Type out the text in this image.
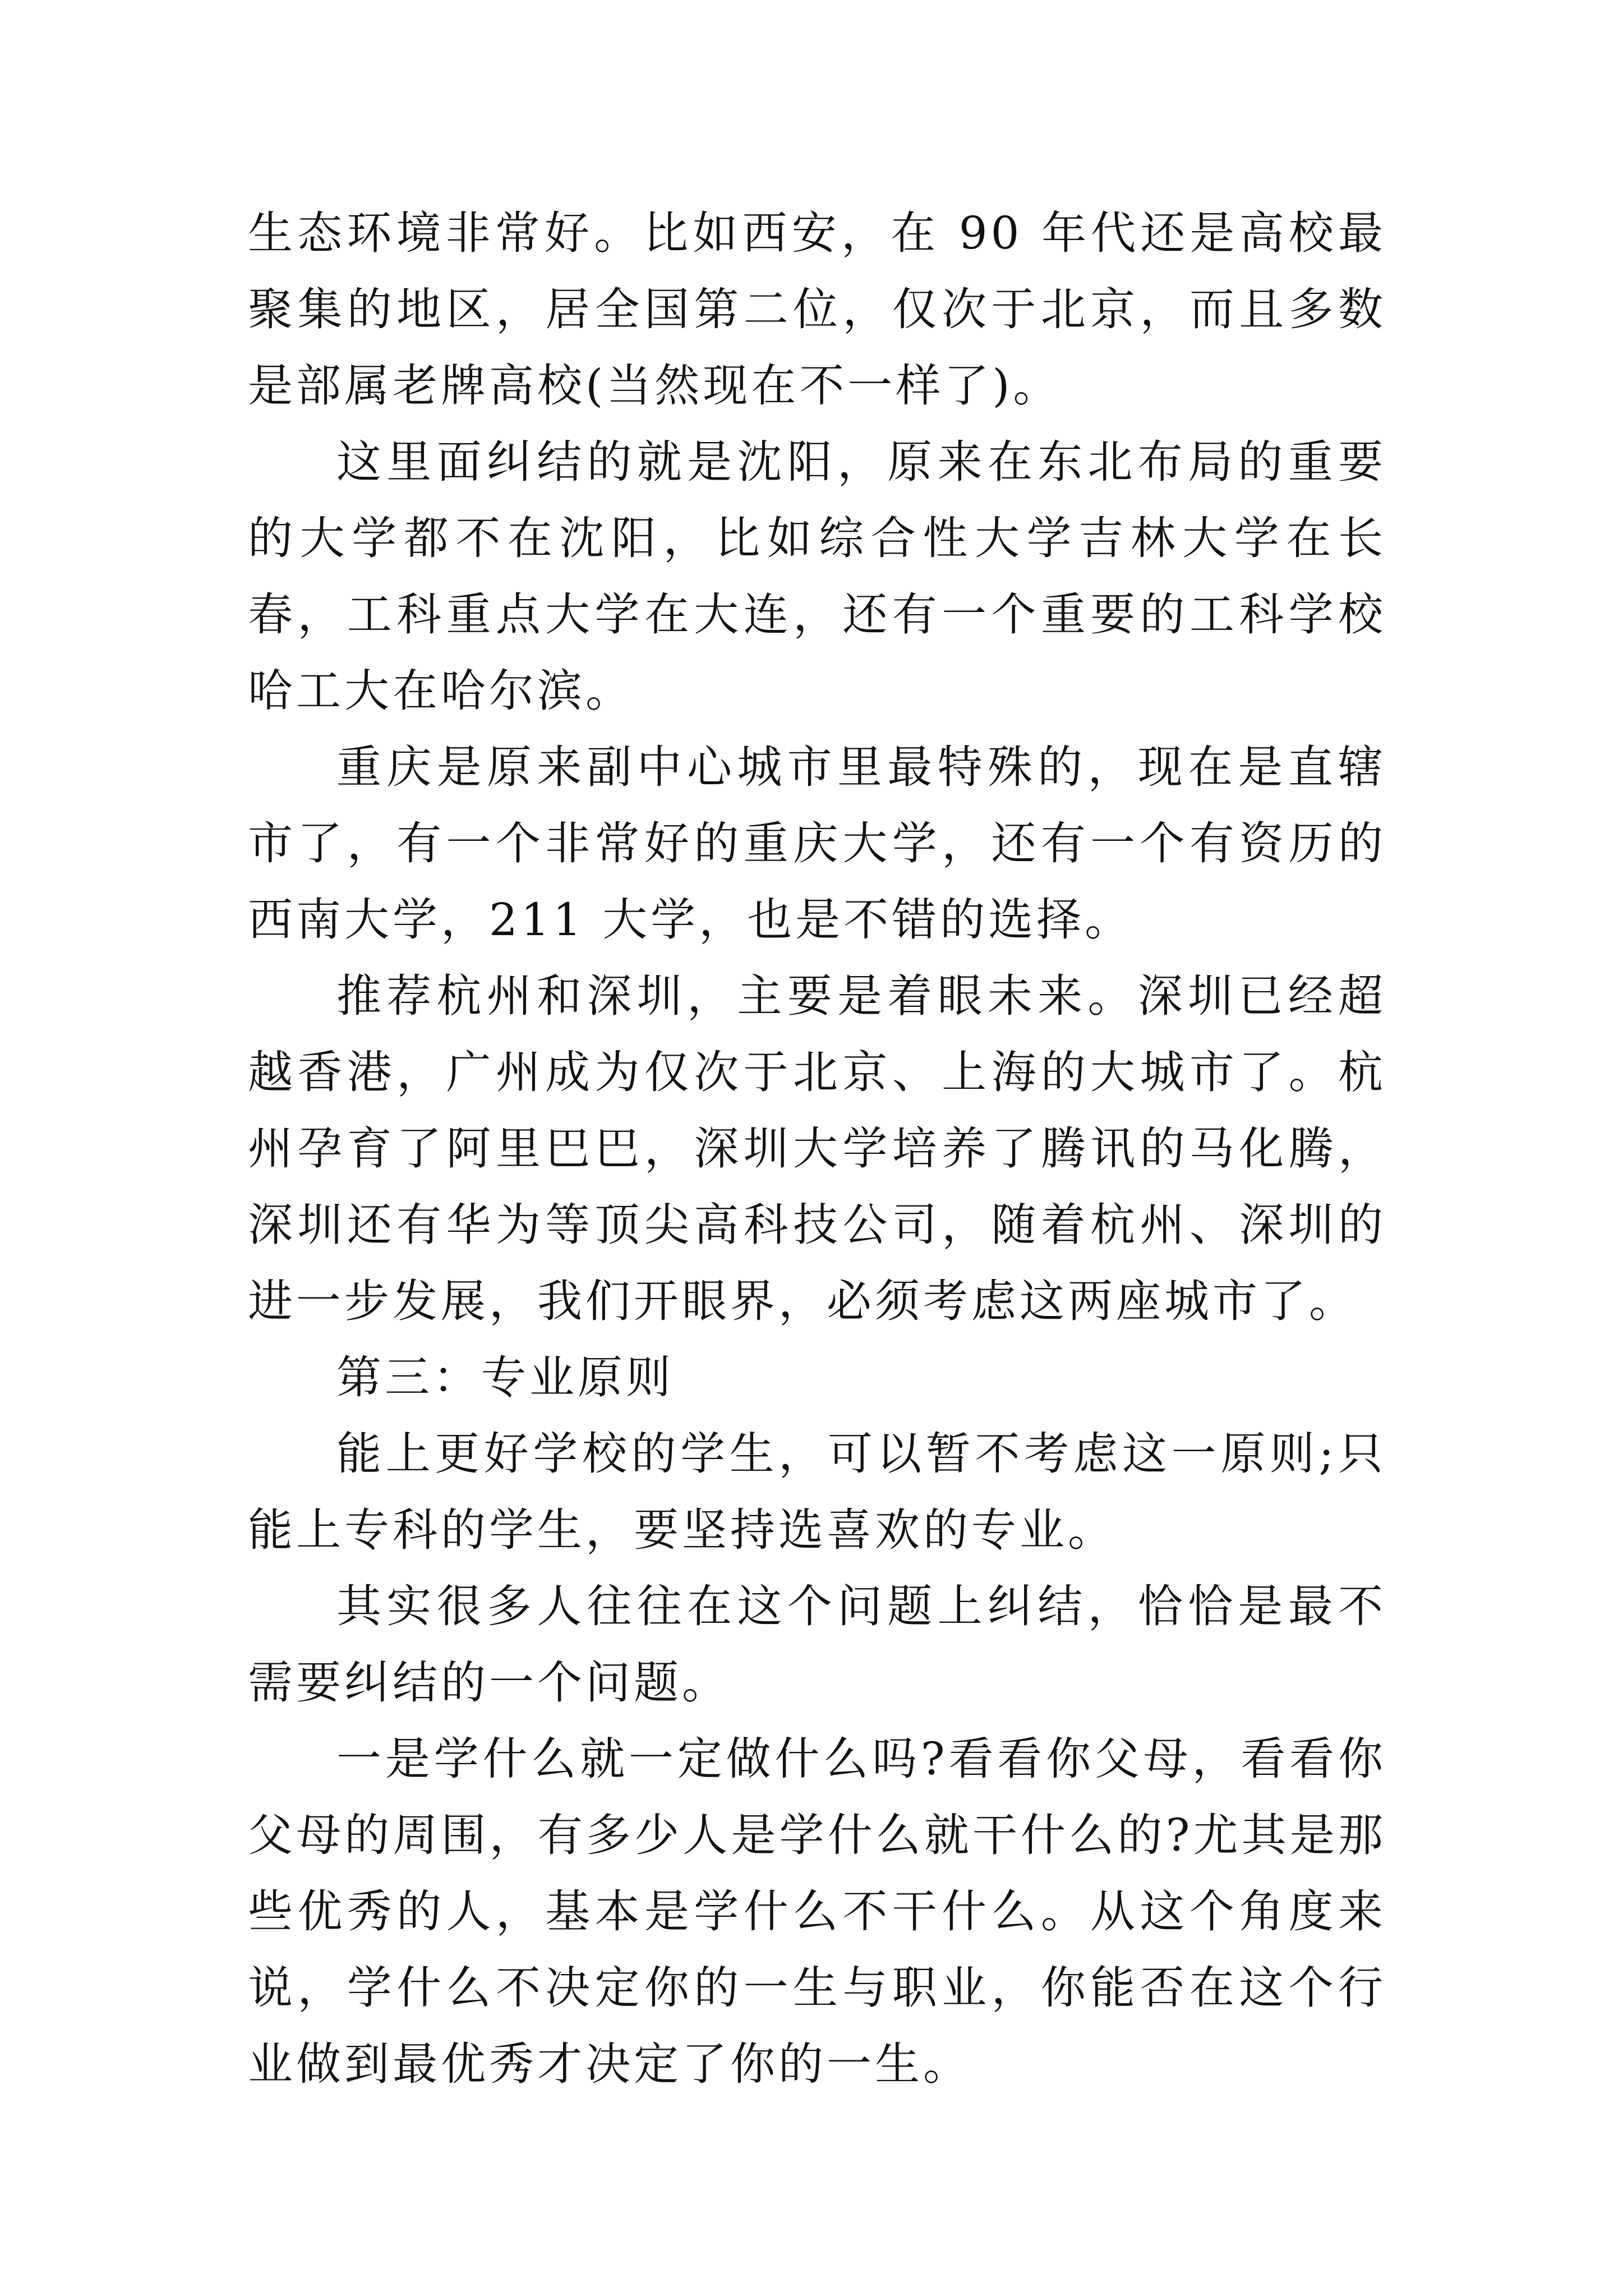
生态环境非常好。比如西安，在 90 年代还是高校最聚集的地区，居全国第二位，仅次于北京，而且多数是部属老牌高校(当然现在不一样了)。

这里面纠结的就是沈阳，原来在东北布局的重要的大学都不在沈阳，比如综合性大学吉林大学在长春，工科重点大学在大连，还有一个重要的工科学校哈工大在哈尔滨。

重庆是原来副中心城市里最特殊的，现在是直辖市了，有一个非常好的重庆大学，还有一个有资历的西南大学，211 大学，也是不错的选择。

推荐杭州和深圳，主要是着眼未来。深圳已经超越香港，广州成为仅次于北京、上海的大城市了。杭州孕育了阿里巴巴，深圳大学培养了腾讯的马化腾，深圳还有华为等顶尖高科技公司，随着杭州、深圳的进一步发展，我们开眼界，必须考虑这两座城市了。

第三：专业原则

能上更好学校的学生，可以暂不考虑这一原则;只能上专科的学生，要坚持选喜欢的专业。

其实很多人往往在这个问题上纠结，恰恰是最不需要纠结的一个问题。

一是学什么就一定做什么吗?看看你父母，看看你父母的周围，有多少人是学什么就干什么的?尤其是那些优秀的人，基本是学什么不干什么。从这个角度来说，学什么不决定你的一生与职业，你能否在这个行业做到最优秀才决定了你的一生。
